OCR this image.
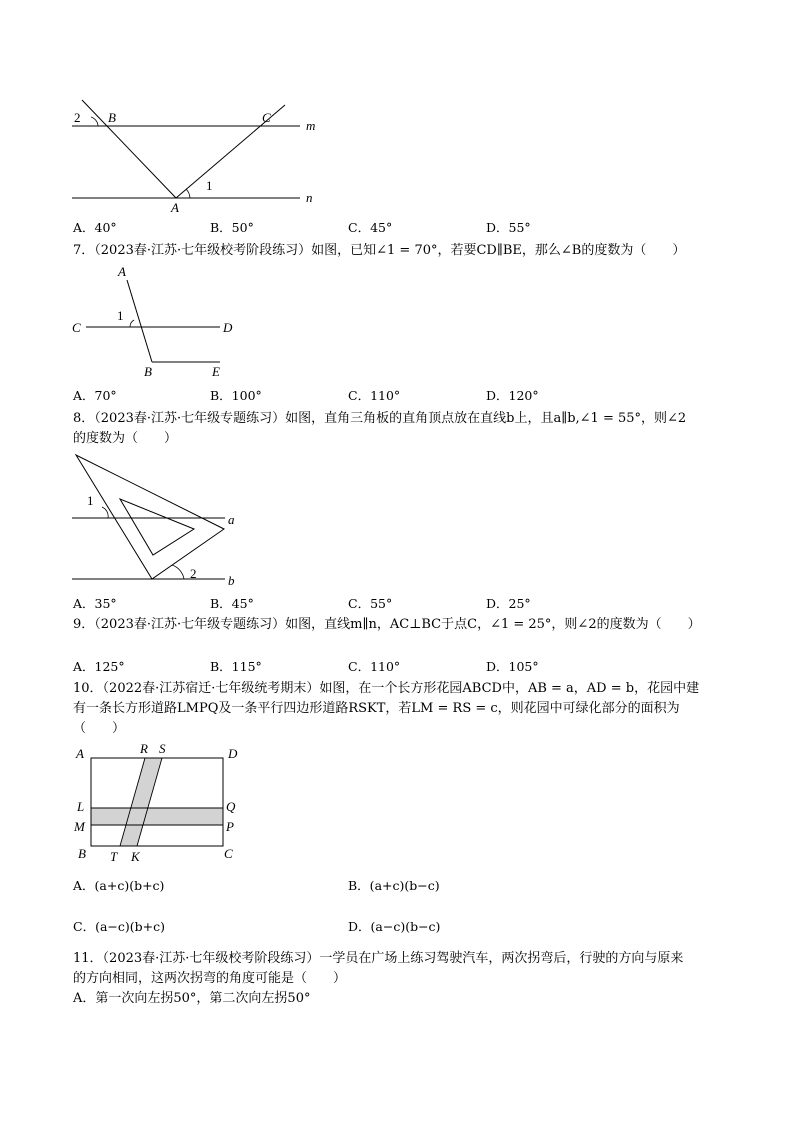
2 B	C
m
1
A
n
A．40°	B．50°	C．45°	D．55°
7．（2023春·江苏·七年级校考阶段练习）如图，已知∠1 = 70°，若要CD∥BE，那么∠B的度数为（　　）
A
C
1
D
B	E
A．70°	B．100°	C．110°	D．120°
8．（2023春·江苏·七年级专题练习）如图，直角三角板的直角顶点放在直线b上，且a∥b,∠1 = 55°，则∠2
的度数为（　　）
1
a
2 b
A．35°	B．45°	C．55°	D．25°
9．（2023春·江苏·七年级专题练习）如图，直线m∥n，AC⊥BC于点C，∠1 = 25°，则∠2的度数为（　　）
A．125°	B．115°	C．110°	D．105°
10．（2022春·江苏宿迁·七年级统考期末）如图，在一个长方形花园ABCD中，AB = a，AD = b，花园中建
有一条长方形道路LMPQ及一条平行四边形道路RSKT，若LM = RS = c，则花园中可绿化部分的面积为
（　　）
A	R S	D
L	Q
M	P
B T K	C
A．(a+c)(b+c)	B．(a+c)(b−c)
C．(a−c)(b+c)	D．(a−c)(b−c)
11．（2023春·江苏·七年级校考阶段练习）一学员在广场上练习驾驶汽车，两次拐弯后，行驶的方向与原来
的方向相同，这两次拐弯的角度可能是（　　）
A．第一次向左拐50°，第二次向左拐50°
